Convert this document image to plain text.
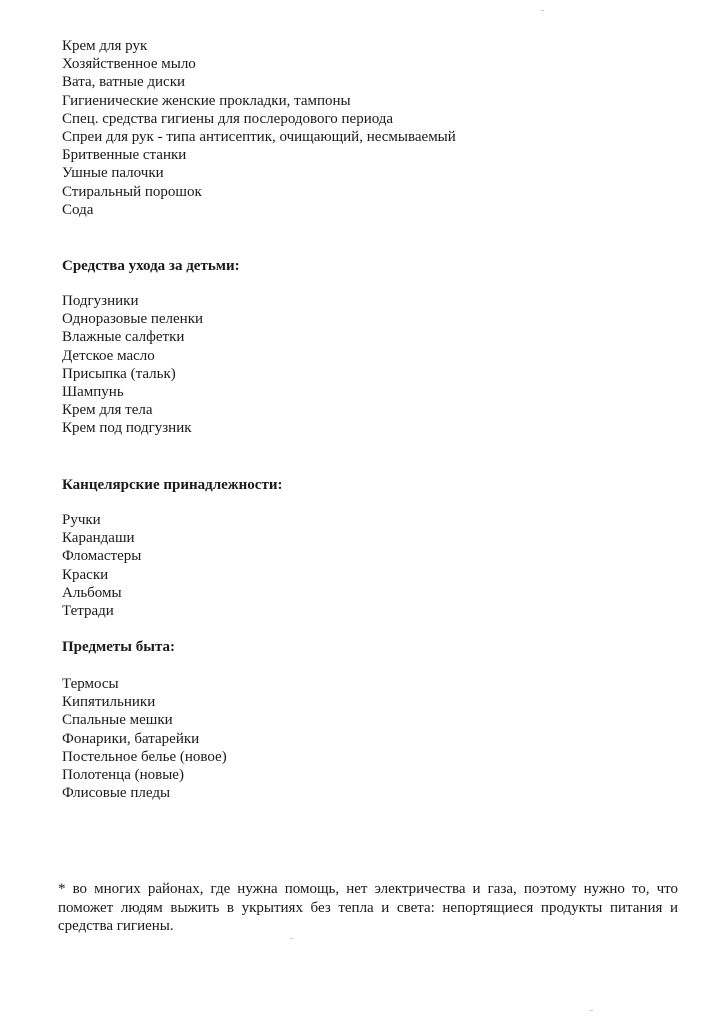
Крем для рук
Хозяйственное мыло
Вата, ватные диски
Гигиенические женские прокладки, тампоны
Спец. средства гигиены для послеродового периода
Спреи для рук - типа антисептик, очищающий, несмываемый
Бритвенные станки
Ушные палочки
Стиральный порошок
Сода
Средства ухода за детьми:
Подгузники
Одноразовые пеленки
Влажные салфетки
Детское масло
Присыпка (тальк)
Шампунь
Крем для тела
Крем под подгузник
Канцелярские принадлежности:
Ручки
Карандаши
Фломастеры
Краски
Альбомы
Тетради
Предметы быта:
Термосы
Кипятильники
Спальные мешки
Фонарики, батарейки
Постельное белье (новое)
Полотенца (новые)
Флисовые пледы

* во многих районах, где нужна помощь, нет электричества и газа, поэтому нужно то, что поможет людям выжить в укрытиях без тепла и света: непортящиеся продукты питания и средства гигиены.
